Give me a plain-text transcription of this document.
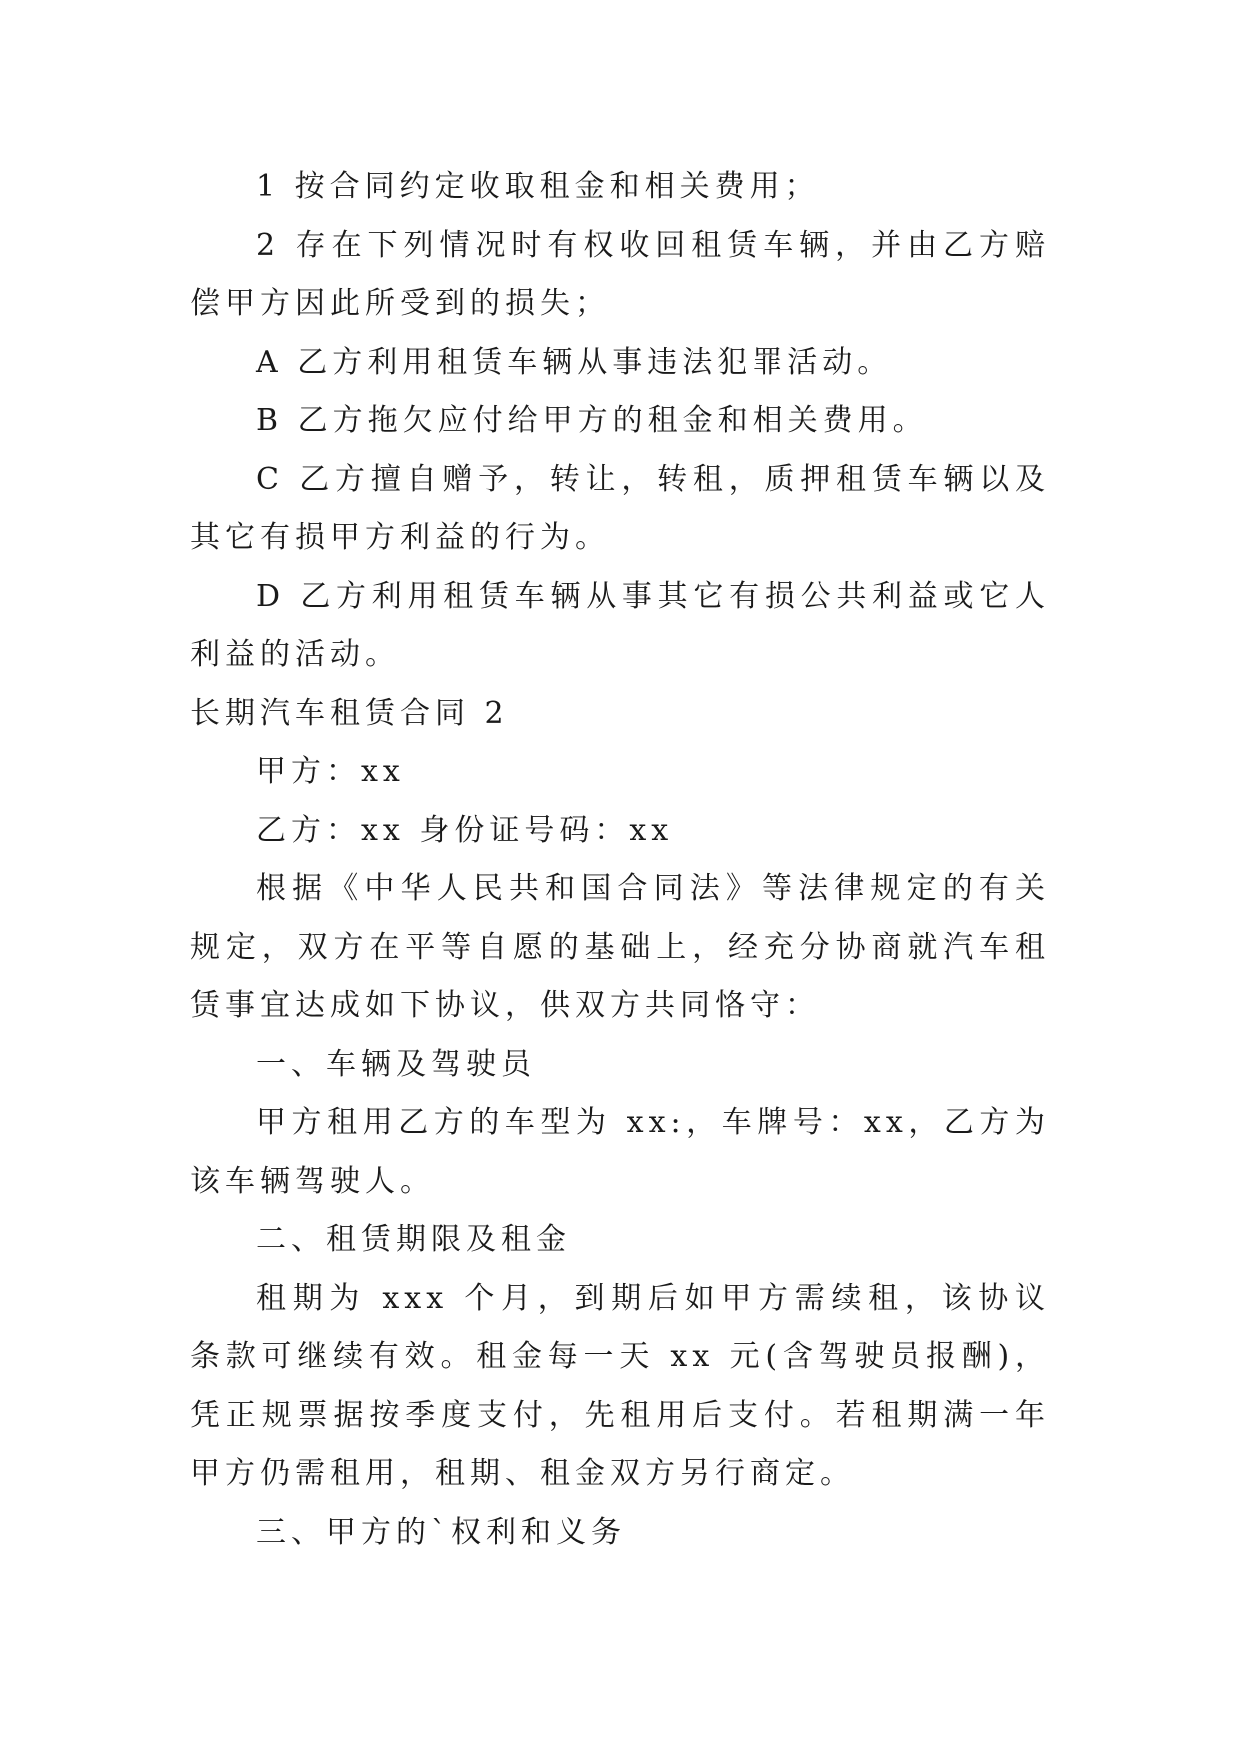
1 按合同约定收取租金和相关费用；

2 存在下列情况时有权收回租赁车辆，并由乙方赔偿甲方因此所受到的损失；

A 乙方利用租赁车辆从事违法犯罪活动。

B 乙方拖欠应付给甲方的租金和相关费用。

C 乙方擅自赠予，转让，转租，质押租赁车辆以及其它有损甲方利益的行为。

D 乙方利用租赁车辆从事其它有损公共利益或它人利益的活动。

长期汽车租赁合同 2

甲方：xx

乙方：xx 身份证号码：xx

根据《中华人民共和国合同法》等法律规定的有关规定，双方在平等自愿的基础上，经充分协商就汽车租赁事宜达成如下协议，供双方共同恪守：

一、车辆及驾驶员

甲方租用乙方的车型为 xx:，车牌号：xx，乙方为该车辆驾驶人。

二、租赁期限及租金

租期为 xxx 个月，到期后如甲方需续租，该协议条款可继续有效。租金每一天 xx 元(含驾驶员报酬)，凭正规票据按季度支付，先租用后支付。若租期满一年甲方仍需租用，租期、租金双方另行商定。

三、甲方的`权利和义务
